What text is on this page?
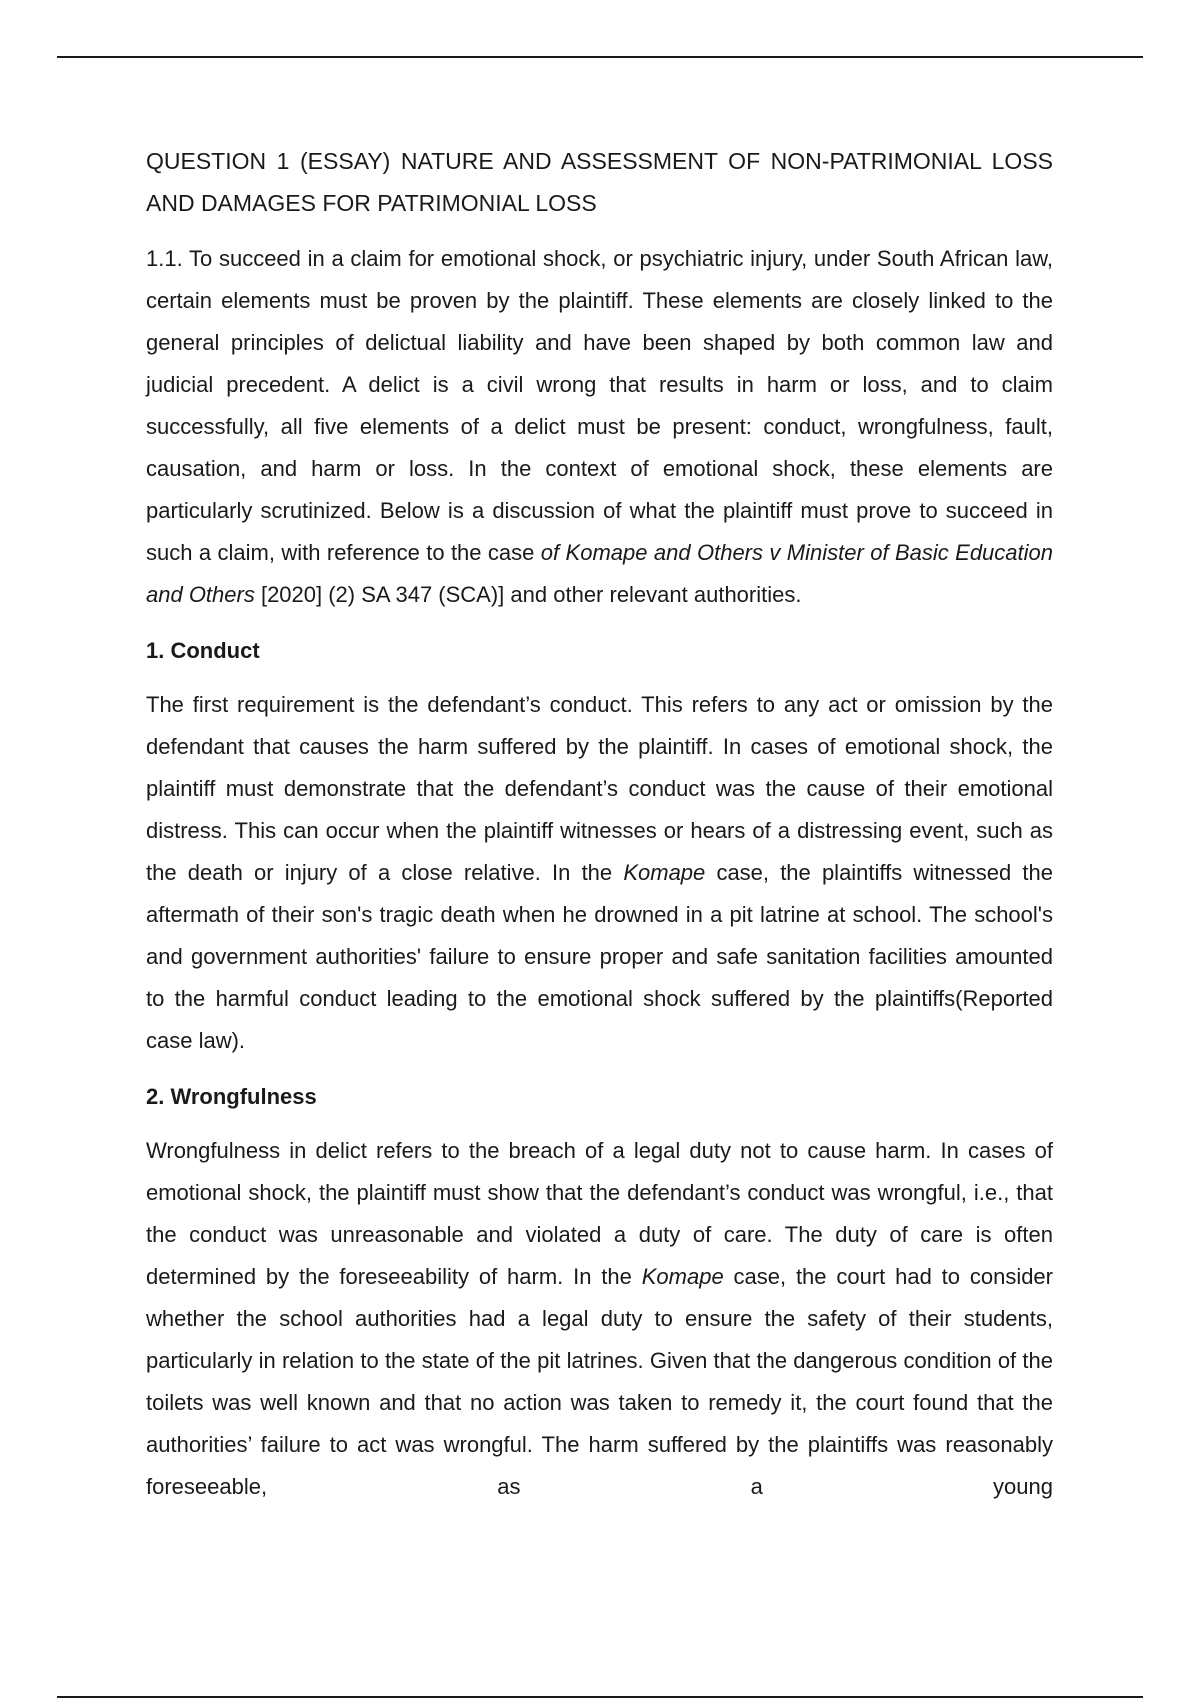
QUESTION 1 (ESSAY) NATURE AND ASSESSMENT OF NON-PATRIMONIAL LOSS AND DAMAGES FOR PATRIMONIAL LOSS

1.1. To succeed in a claim for emotional shock, or psychiatric injury, under South African law, certain elements must be proven by the plaintiff. These elements are closely linked to the general principles of delictual liability and have been shaped by both common law and judicial precedent. A delict is a civil wrong that results in harm or loss, and to claim successfully, all five elements of a delict must be present: conduct, wrongfulness, fault, causation, and harm or loss. In the context of emotional shock, these elements are particularly scrutinized. Below is a discussion of what the plaintiff must prove to succeed in such a claim, with reference to the case of Komape and Others v Minister of Basic Education and Others [2020] (2) SA 347 (SCA)] and other relevant authorities.

1. Conduct

The first requirement is the defendant’s conduct. This refers to any act or omission by the defendant that causes the harm suffered by the plaintiff. In cases of emotional shock, the plaintiff must demonstrate that the defendant’s conduct was the cause of their emotional distress. This can occur when the plaintiff witnesses or hears of a distressing event, such as the death or injury of a close relative. In the Komape case, the plaintiffs witnessed the aftermath of their son's tragic death when he drowned in a pit latrine at school. The school's and government authorities' failure to ensure proper and safe sanitation facilities amounted to the harmful conduct leading to the emotional shock suffered by the plaintiffs(Reported case law).

2. Wrongfulness

Wrongfulness in delict refers to the breach of a legal duty not to cause harm. In cases of emotional shock, the plaintiff must show that the defendant’s conduct was wrongful, i.e., that the conduct was unreasonable and violated a duty of care. The duty of care is often determined by the foreseeability of harm. In the Komape case, the court had to consider whether the school authorities had a legal duty to ensure the safety of their students, particularly in relation to the state of the pit latrines. Given that the dangerous condition of the toilets was well known and that no action was taken to remedy it, the court found that the authorities’ failure to act was wrongful. The harm suffered by the plaintiffs was reasonably foreseeable, as a young
